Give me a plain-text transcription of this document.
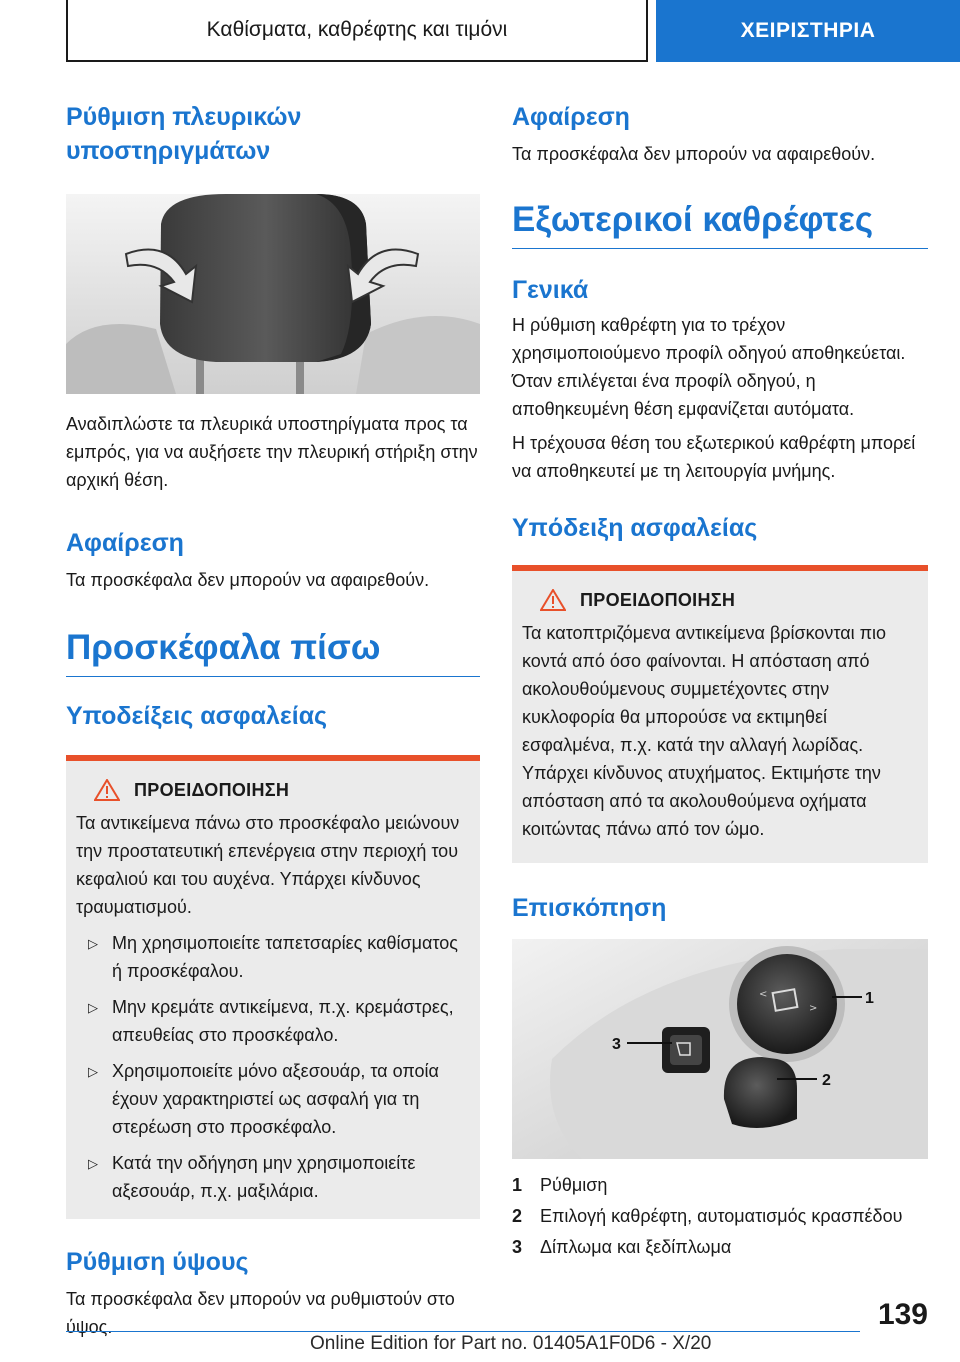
Καθίσματα, καθρέφτης και τιμόνι	ΧΕΙΡΙΣΤΗΡΙΑ
Ρύθμιση πλευρικών υποστηριγμάτων

Αναδιπλώστε τα πλευρικά υποστηρίγματα προς τα εμπρός, για να αυξήσετε την πλευρική στήριξη στην αρχική θέση.

Αφαίρεση

Τα προσκέφαλα δεν μπορούν να αφαιρεθούν.

Προσκέφαλα πίσω
Υποδείξεις ασφαλείας
ΠΡΟΕΙΔΟΠΟΙΗΣΗ

Τα αντικείμενα πάνω στο προσκέφαλο μειώνουν την προστατευτική επενέργεια στην περιοχή του κεφαλιού και του αυχένα. Υπάρχει κίνδυνος τραυματισμού.

▷ Μη χρησιμοποιείτε ταπετσαρίες καθίσματος ή προσκέφαλου.
▷ Μην κρεμάτε αντικείμενα, π.χ. κρεμάστρες, απευθείας στο προσκέφαλο.
▷ Χρησιμοποιείτε μόνο αξεσουάρ, τα οποία έχουν χαρακτηριστεί ως ασφαλή για τη στερέωση στο προσκέφαλο.
▷ Κατά την οδήγηση μην χρησιμοποιείτε αξεσουάρ, π.χ. μαξιλάρια.
Ρύθμιση ύψους

Τα προσκέφαλα δεν μπορούν να ρυθμιστούν στο ύψος.

Αφαίρεση

Τα προσκέφαλα δεν μπορούν να αφαιρεθούν.

Εξωτερικοί καθρέφτες
Γενικά

Η ρύθμιση καθρέφτη για το τρέχον χρησιμοποιούμενο προφίλ οδηγού αποθηκεύεται. Όταν επιλέγεται ένα προφίλ οδηγού, η αποθηκευμένη θέση εμφανίζεται αυτόματα.

Η τρέχουσα θέση του εξωτερικού καθρέφτη μπορεί να αποθηκευτεί με τη λειτουργία μνήμης.

Υπόδειξη ασφαλείας
ΠΡΟΕΙΔΟΠΟΙΗΣΗ

Τα κατοπτριζόμενα αντικείμενα βρίσκονται πιο κοντά από όσο φαίνονται. Η απόσταση από ακολουθούμενους συμμετέχοντες στην κυκλοφορία θα μπορούσε να εκτιμηθεί εσφαλμένα, π.χ. κατά την αλλαγή λωρίδας. Υπάρχει κίνδυνος ατυχήματος. Εκτιμήστε την απόσταση από τα ακολουθούμενα οχήματα κοιτώντας πάνω από τον ώμο.

Επισκόπηση
<
>
1
2
3
1 Ρύθμιση
2 Επιλογή καθρέφτη, αυτοματισμός κρασπέδου
3 Δίπλωμα και ξεδίπλωμα
139
Online Edition for Part no. 01405A1F0D6 - X/20
